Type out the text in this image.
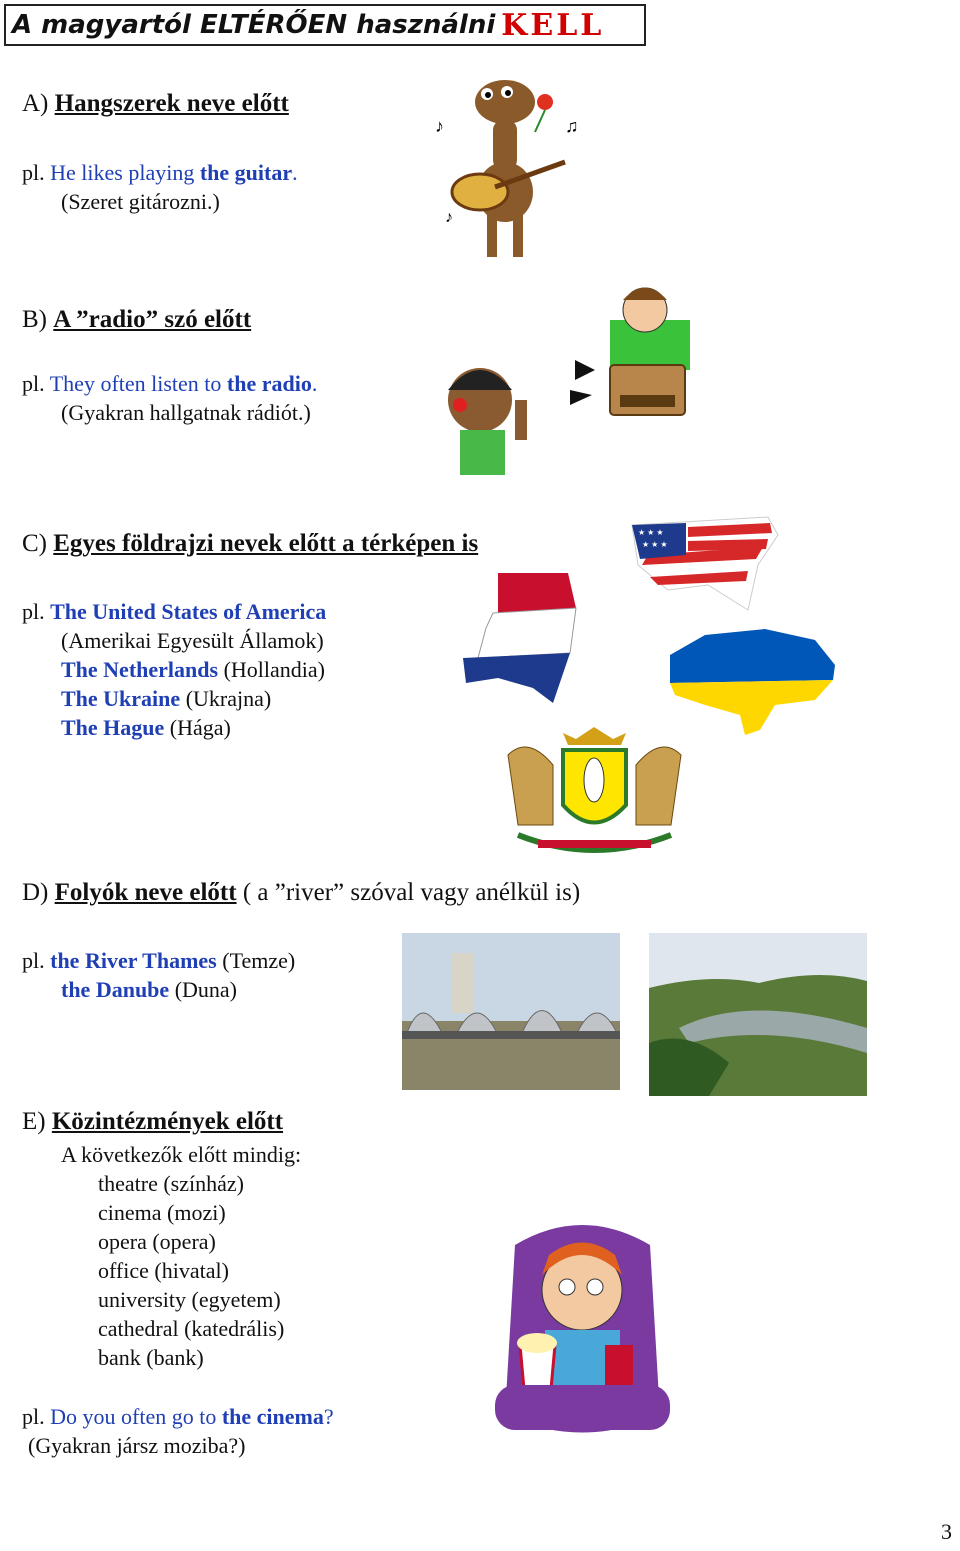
A magyartól ELTÉRŐEN használni KELL
A) Hangszerek neve előtt
pl. He likes playing the guitar.
(Szeret gitározni.)
♪	♫
♪
B) A ”radio” szó előtt
pl. They often listen to the radio.
(Gyakran hallgatnak rádiót.)
C) Egyes földrajzi nevek előtt a térképen is
pl. The United States of America
(Amerikai Egyesült Államok)
The Netherlands (Hollandia)
The Ukraine (Ukrajna)
The Hague (Hága)
★ ★ ★
★ ★ ★
D) Folyók neve előtt ( a ”river” szóval vagy anélkül is)
pl. the River Thames (Temze)
the Danube (Duna)
E) Közintézmények előtt
A következők előtt mindig:
theatre (színház)
cinema (mozi)
opera (opera)
office (hivatal)
university (egyetem)
cathedral (katedrális)
bank (bank)
pl. Do you often go to the cinema?
(Gyakran jársz moziba?)
3
